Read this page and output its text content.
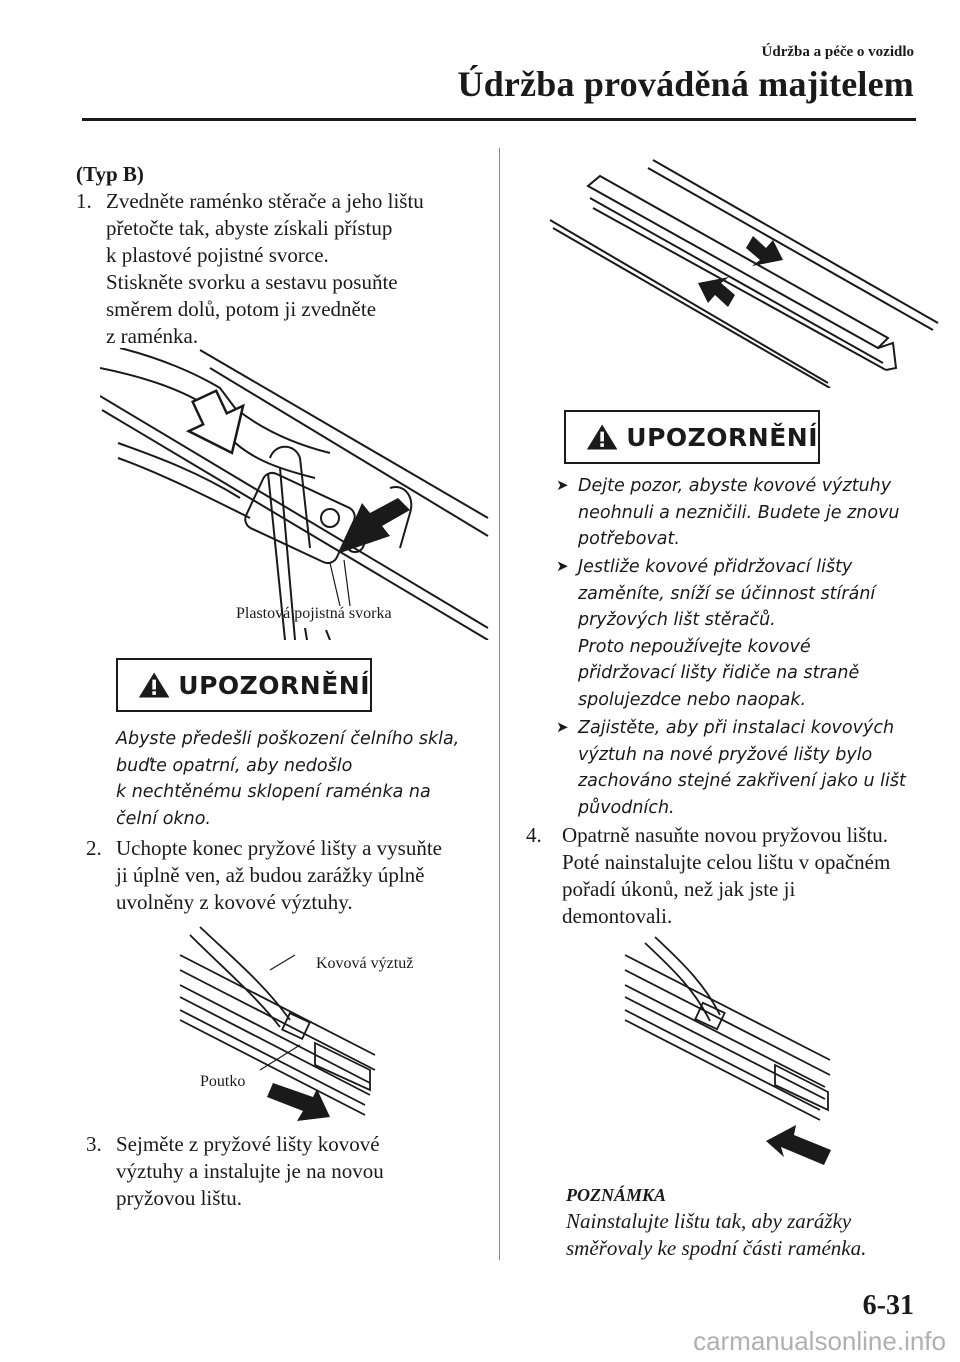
Údržba a péče o vozidlo
Údržba prováděná majitelem
(Typ B)
1. Zvedněte raménko stěrače a jeho lištu
přetočte tak, abyste získali přístup
k plastové pojistné svorce.
Stiskněte svorku a sestavu posuňte
směrem dolů, potom ji zvedněte
z raménka.
Plastová pojistná svorka
UPOZORNĚNÍ
Abyste předešli poškození čelního skla,
buďte opatrní, aby nedošlo
k nechtěnému sklopení raménka na
čelní okno.
2. Uchopte konec pryžové lišty a vysuňte
ji úplně ven, až budou zarážky úplně
uvolněny z kovové výztuhy.
Kovová výztuž
Poutko
3. Sejměte z pryžové lišty kovové
výztuhy a instalujte je na novou
pryžovou lištu.
UPOZORNĚNÍ
➤ Dejte pozor, abyste kovové výztuhy
neohnuli a nezničili. Budete je znovu
potřebovat.
➤ Jestliže kovové přidržovací lišty
zaměníte, sníží se účinnost stírání
pryžových lišt stěračů.
Proto nepoužívejte kovové
přidržovací lišty řidiče na straně
spolujezdce nebo naopak.
➤ Zajistěte, aby při instalaci kovových
výztuh na nové pryžové lišty bylo
zachováno stejné zakřivení jako u lišt
původních.
4. Opatrně nasuňte novou pryžovou lištu.
Poté nainstalujte celou lištu v opačném
pořadí úkonů, než jak jste ji
demontovali.
POZNÁMKA
Nainstalujte lištu tak, aby zarážky
směřovaly ke spodní části raménka.
6-31
carmanualsonline.info
